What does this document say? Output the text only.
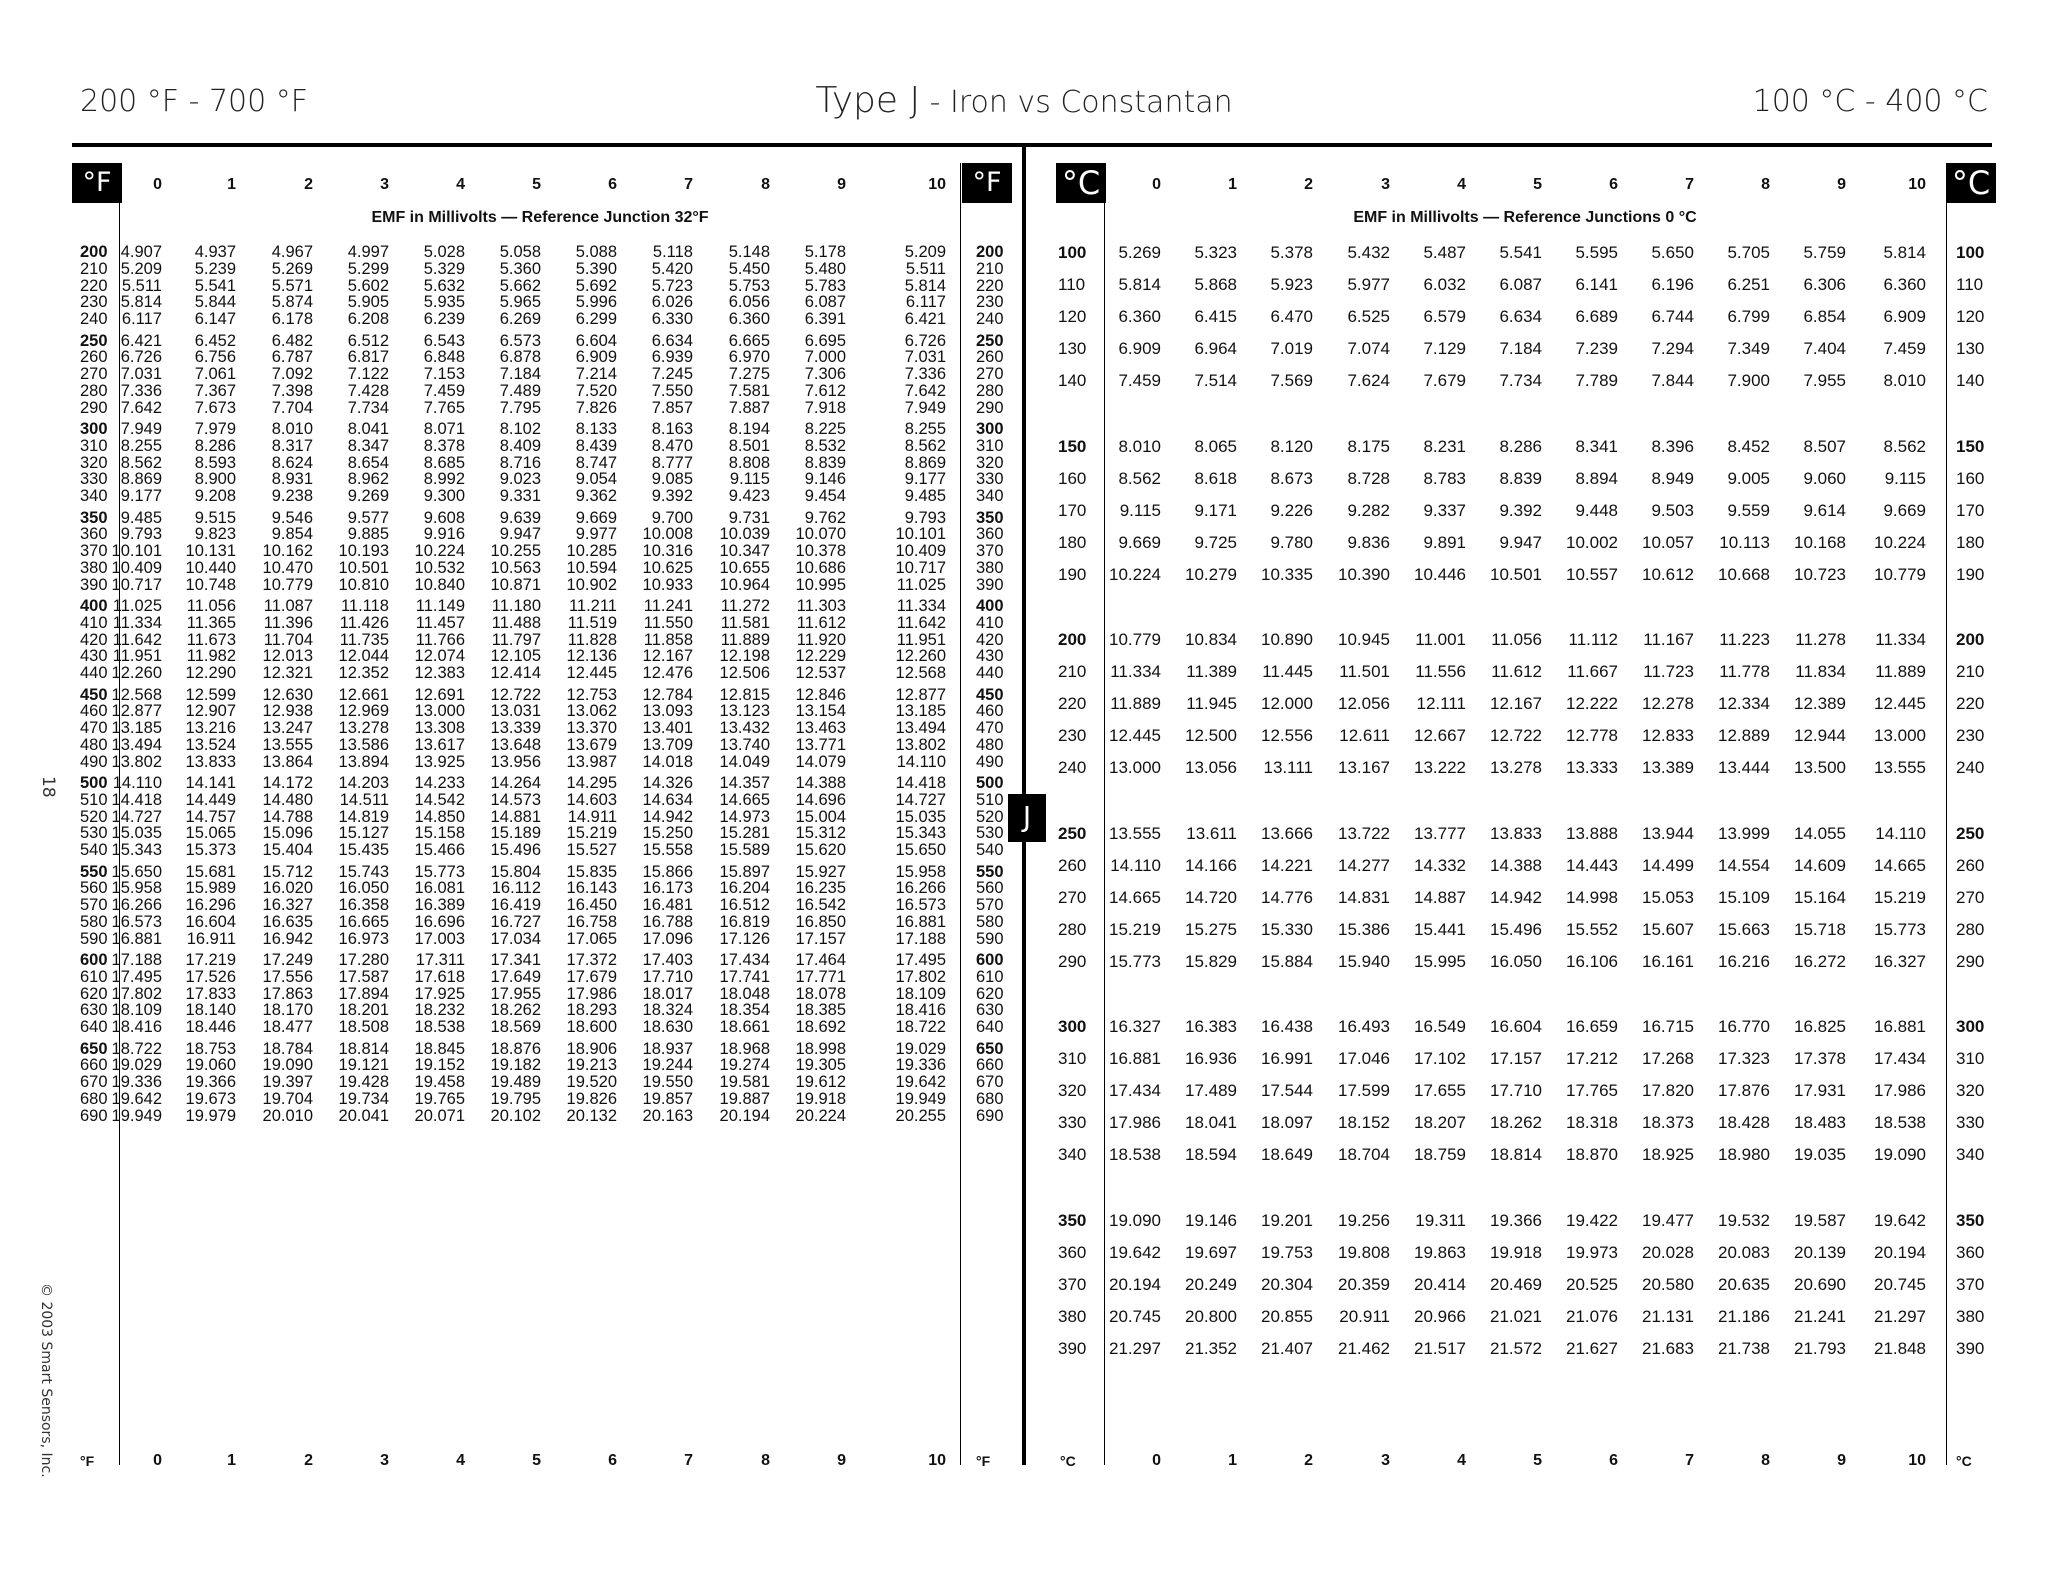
200 °F - 700 °F	Type J - Iron vs Constantan	100 °C - 400 °C
18
© 2003 Smart Sensors, Inc.
°F	°F	°C	°C
J
0	1	2	3	4	5	6	7	8	9	10	0	1	2	3	4	5	6	7	8	9	10
0	1	2	3	4	5	6	7	8	9	10	0	1	2	3	4	5	6	7	8	9	10
°F	°F	°C	°C
EMF in Millivolts — Reference Junction 32°F	EMF in Millivolts — Reference Junctions 0 °C
200 4.907	4.937	4.967	4.997	5.028	5.058	5.088	5.118	5.148	5.178	5.209 200
210 5.209	5.239	5.269	5.299	5.329	5.360	5.390	5.420	5.450	5.480	5.511 210
220 5.511	5.541	5.571	5.602	5.632	5.662	5.692	5.723	5.753	5.783	5.814 220
230 5.814	5.844	5.874	5.905	5.935	5.965	5.996	6.026	6.056	6.087	6.117 230
240 6.117	6.147	6.178	6.208	6.239	6.269	6.299	6.330	6.360	6.391	6.421 240
250 6.421	6.452	6.482	6.512	6.543	6.573	6.604	6.634	6.665	6.695	6.726 250
260 6.726	6.756	6.787	6.817	6.848	6.878	6.909	6.939	6.970	7.000	7.031 260
270 7.031	7.061	7.092	7.122	7.153	7.184	7.214	7.245	7.275	7.306	7.336 270
280 7.336	7.367	7.398	7.428	7.459	7.489	7.520	7.550	7.581	7.612	7.642 280
290 7.642	7.673	7.704	7.734	7.765	7.795	7.826	7.857	7.887	7.918	7.949 290
300 7.949	7.979	8.010	8.041	8.071	8.102	8.133	8.163	8.194	8.225	8.255 300
310 8.255	8.286	8.317	8.347	8.378	8.409	8.439	8.470	8.501	8.532	8.562 310
320 8.562	8.593	8.624	8.654	8.685	8.716	8.747	8.777	8.808	8.839	8.869 320
330 8.869	8.900	8.931	8.962	8.992	9.023	9.054	9.085	9.115	9.146	9.177 330
340 9.177	9.208	9.238	9.269	9.300	9.331	9.362	9.392	9.423	9.454	9.485 340
350 9.485	9.515	9.546	9.577	9.608	9.639	9.669	9.700	9.731	9.762	9.793 350
360 9.793	9.823	9.854	9.885	9.916	9.947	9.977	10.008	10.039	10.070	10.101 360
370 10.101	10.131	10.162	10.193	10.224	10.255	10.285	10.316	10.347	10.378	10.409 370
380 10.409	10.440	10.470	10.501	10.532	10.563	10.594	10.625	10.655	10.686	10.717 380
390 10.717	10.748	10.779	10.810	10.840	10.871	10.902	10.933	10.964	10.995	11.025 390
400 11.025	11.056	11.087	11.118	11.149	11.180	11.211	11.241	11.272	11.303	11.334 400
410 11.334	11.365	11.396	11.426	11.457	11.488	11.519	11.550	11.581	11.612	11.642 410
420 11.642	11.673	11.704	11.735	11.766	11.797	11.828	11.858	11.889	11.920	11.951 420
430 11.951	11.982	12.013	12.044	12.074	12.105	12.136	12.167	12.198	12.229	12.260 430
440 12.260	12.290	12.321	12.352	12.383	12.414	12.445	12.476	12.506	12.537	12.568 440
450 12.568	12.599	12.630	12.661	12.691	12.722	12.753	12.784	12.815	12.846	12.877 450
460 12.877	12.907	12.938	12.969	13.000	13.031	13.062	13.093	13.123	13.154	13.185 460
470 13.185	13.216	13.247	13.278	13.308	13.339	13.370	13.401	13.432	13.463	13.494 470
480 13.494	13.524	13.555	13.586	13.617	13.648	13.679	13.709	13.740	13.771	13.802 480
490 13.802	13.833	13.864	13.894	13.925	13.956	13.987	14.018	14.049	14.079	14.110 490
500 14.110	14.141	14.172	14.203	14.233	14.264	14.295	14.326	14.357	14.388	14.418 500
510 14.418	14.449	14.480	14.511	14.542	14.573	14.603	14.634	14.665	14.696	14.727 510
520 14.727	14.757	14.788	14.819	14.850	14.881	14.911	14.942	14.973	15.004	15.035 520
530 15.035	15.065	15.096	15.127	15.158	15.189	15.219	15.250	15.281	15.312	15.343 530
540 15.343	15.373	15.404	15.435	15.466	15.496	15.527	15.558	15.589	15.620	15.650 540
550 15.650	15.681	15.712	15.743	15.773	15.804	15.835	15.866	15.897	15.927	15.958 550
560 15.958	15.989	16.020	16.050	16.081	16.112	16.143	16.173	16.204	16.235	16.266 560
570 16.266	16.296	16.327	16.358	16.389	16.419	16.450	16.481	16.512	16.542	16.573 570
580 16.573	16.604	16.635	16.665	16.696	16.727	16.758	16.788	16.819	16.850	16.881 580
590 16.881	16.911	16.942	16.973	17.003	17.034	17.065	17.096	17.126	17.157	17.188 590
600 17.188	17.219	17.249	17.280	17.311	17.341	17.372	17.403	17.434	17.464	17.495 600
610 17.495	17.526	17.556	17.587	17.618	17.649	17.679	17.710	17.741	17.771	17.802 610
620 17.802	17.833	17.863	17.894	17.925	17.955	17.986	18.017	18.048	18.078	18.109 620
630 18.109	18.140	18.170	18.201	18.232	18.262	18.293	18.324	18.354	18.385	18.416 630
640 18.416	18.446	18.477	18.508	18.538	18.569	18.600	18.630	18.661	18.692	18.722 640
650 18.722	18.753	18.784	18.814	18.845	18.876	18.906	18.937	18.968	18.998	19.029 650
660 19.029	19.060	19.090	19.121	19.152	19.182	19.213	19.244	19.274	19.305	19.336 660
670 19.336	19.366	19.397	19.428	19.458	19.489	19.520	19.550	19.581	19.612	19.642 670
680 19.642	19.673	19.704	19.734	19.765	19.795	19.826	19.857	19.887	19.918	19.949 680
690 19.949	19.979	20.010	20.041	20.071	20.102	20.132	20.163	20.194	20.224	20.255 690
100	5.269	5.323	5.378	5.432	5.487	5.541	5.595	5.650	5.705	5.759	5.814 100
110	5.814	5.868	5.923	5.977	6.032	6.087	6.141	6.196	6.251	6.306	6.360 110
120	6.360	6.415	6.470	6.525	6.579	6.634	6.689	6.744	6.799	6.854	6.909 120
130	6.909	6.964	7.019	7.074	7.129	7.184	7.239	7.294	7.349	7.404	7.459 130
140	7.459	7.514	7.569	7.624	7.679	7.734	7.789	7.844	7.900	7.955	8.010 140
150	8.010	8.065	8.120	8.175	8.231	8.286	8.341	8.396	8.452	8.507	8.562 150
160	8.562	8.618	8.673	8.728	8.783	8.839	8.894	8.949	9.005	9.060	9.115 160
170	9.115	9.171	9.226	9.282	9.337	9.392	9.448	9.503	9.559	9.614	9.669 170
180	9.669	9.725	9.780	9.836	9.891	9.947	10.002	10.057	10.113	10.168	10.224 180
190	10.224	10.279	10.335	10.390	10.446	10.501	10.557	10.612	10.668	10.723	10.779 190
200	10.779	10.834	10.890	10.945	11.001	11.056	11.112	11.167	11.223	11.278	11.334 200
210	11.334	11.389	11.445	11.501	11.556	11.612	11.667	11.723	11.778	11.834	11.889 210
220	11.889	11.945	12.000	12.056	12.111	12.167	12.222	12.278	12.334	12.389	12.445 220
230	12.445	12.500	12.556	12.611	12.667	12.722	12.778	12.833	12.889	12.944	13.000 230
240	13.000	13.056	13.111	13.167	13.222	13.278	13.333	13.389	13.444	13.500	13.555 240
250	13.555	13.611	13.666	13.722	13.777	13.833	13.888	13.944	13.999	14.055	14.110 250
260	14.110	14.166	14.221	14.277	14.332	14.388	14.443	14.499	14.554	14.609	14.665 260
270	14.665	14.720	14.776	14.831	14.887	14.942	14.998	15.053	15.109	15.164	15.219 270
280	15.219	15.275	15.330	15.386	15.441	15.496	15.552	15.607	15.663	15.718	15.773 280
290	15.773	15.829	15.884	15.940	15.995	16.050	16.106	16.161	16.216	16.272	16.327 290
300	16.327	16.383	16.438	16.493	16.549	16.604	16.659	16.715	16.770	16.825	16.881 300
310	16.881	16.936	16.991	17.046	17.102	17.157	17.212	17.268	17.323	17.378	17.434 310
320	17.434	17.489	17.544	17.599	17.655	17.710	17.765	17.820	17.876	17.931	17.986 320
330	17.986	18.041	18.097	18.152	18.207	18.262	18.318	18.373	18.428	18.483	18.538 330
340	18.538	18.594	18.649	18.704	18.759	18.814	18.870	18.925	18.980	19.035	19.090 340
350	19.090	19.146	19.201	19.256	19.311	19.366	19.422	19.477	19.532	19.587	19.642 350
360	19.642	19.697	19.753	19.808	19.863	19.918	19.973	20.028	20.083	20.139	20.194 360
370	20.194	20.249	20.304	20.359	20.414	20.469	20.525	20.580	20.635	20.690	20.745 370
380	20.745	20.800	20.855	20.911	20.966	21.021	21.076	21.131	21.186	21.241	21.297 380
390	21.297	21.352	21.407	21.462	21.517	21.572	21.627	21.683	21.738	21.793	21.848 390
